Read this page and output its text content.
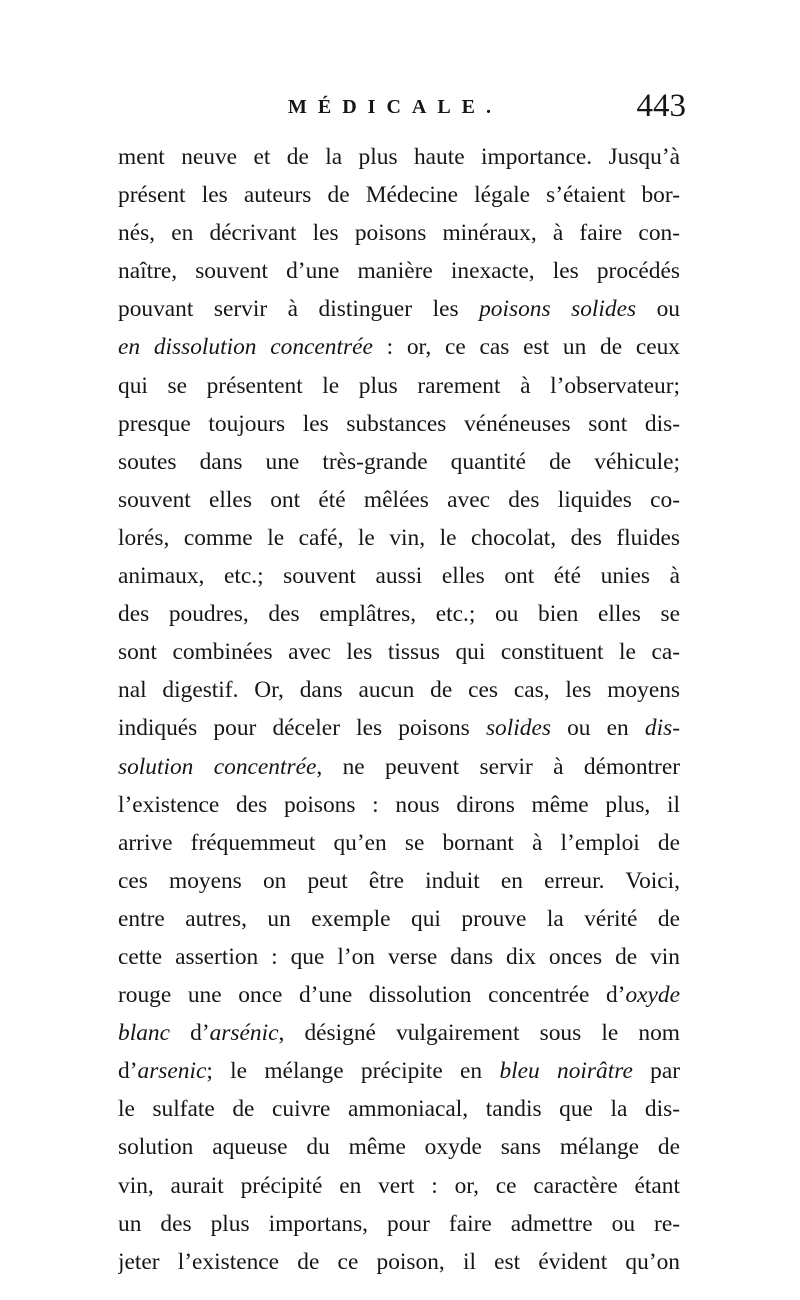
MÉDICALE.	443
ment neuve et de la plus haute importance. Jusqu’à
présent les auteurs de Médecine légale s’étaient bor-
nés, en décrivant les poisons minéraux, à faire con-
naître, souvent d’une manière inexacte, les procédés
pouvant servir à distinguer les poisons solides ou
en dissolution concentrée : or, ce cas est un de ceux
qui se présentent le plus rarement à l’observateur;
presque toujours les substances vénéneuses sont dis-
soutes dans une très-grande quantité de véhicule;
souvent elles ont été mêlées avec des liquides co-
lorés, comme le café, le vin, le chocolat, des fluides
animaux, etc.; souvent aussi elles ont été unies à
des poudres, des emplâtres, etc.; ou bien elles se
sont combinées avec les tissus qui constituent le ca-
nal digestif. Or, dans aucun de ces cas, les moyens
indiqués pour déceler les poisons solides ou en dis-
solution concentrée, ne peuvent servir à démontrer
l’existence des poisons : nous dirons même plus, il
arrive fréquemmeut qu’en se bornant à l’emploi de
ces moyens on peut être induit en erreur. Voici,
entre autres, un exemple qui prouve la vérité de
cette assertion : que l’on verse dans dix onces de vin
rouge une once d’une dissolution concentrée d’oxyde
blanc d’arsénic, désigné vulgairement sous le nom
d’arsenic; le mélange précipite en bleu noirâtre par
le sulfate de cuivre ammoniacal, tandis que la dis-
solution aqueuse du même oxyde sans mélange de
vin, aurait précipité en vert : or, ce caractère étant
un des plus importans, pour faire admettre ou re-
jeter l’existence de ce poison, il est évident qu’on
